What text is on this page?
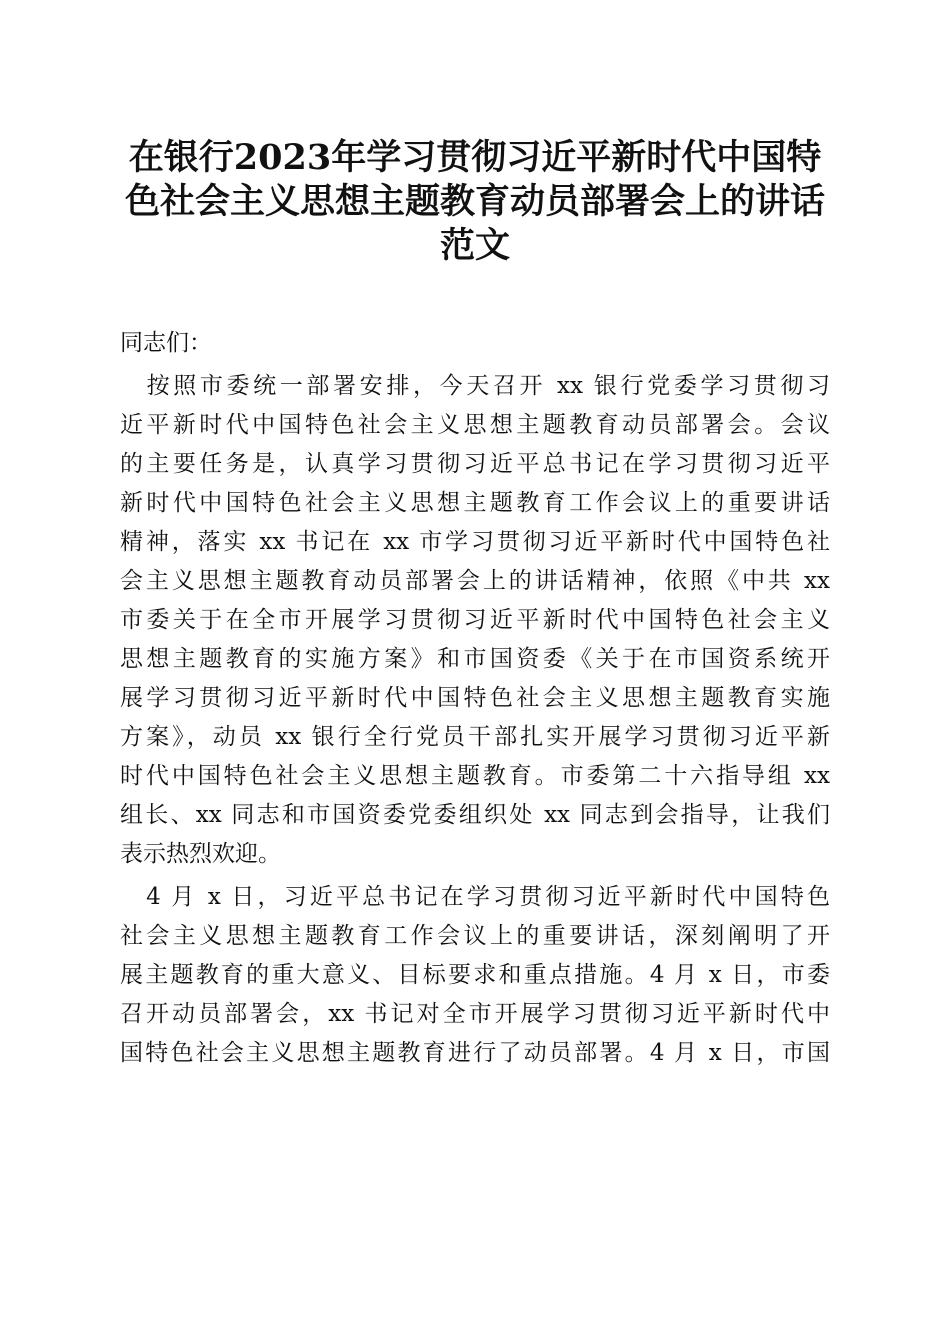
在银行2023年学习贯彻习近平新时代中国特
色社会主义思想主题教育动员部署会上的讲话
范文
同志们：

　按照市委统一部署安排，今天召开 xx 银行党委学习贯彻习
近平新时代中国特色社会主义思想主题教育动员部署会。会议
的主要任务是，认真学习贯彻习近平总书记在学习贯彻习近平
新时代中国特色社会主义思想主题教育工作会议上的重要讲话
精神，落实 xx 书记在 xx 市学习贯彻习近平新时代中国特色社
会主义思想主题教育动员部署会上的讲话精神，依照《中共 xx
市委关于在全市开展学习贯彻习近平新时代中国特色社会主义
思想主题教育的实施方案》和市国资委《关于在市国资系统开
展学习贯彻习近平新时代中国特色社会主义思想主题教育实施
方案》，动员 xx 银行全行党员干部扎实开展学习贯彻习近平新
时代中国特色社会主义思想主题教育。市委第二十六指导组 xx
组长、xx 同志和市国资委党委组织处 xx 同志到会指导，让我们
表示热烈欢迎。

　4 月 x 日，习近平总书记在学习贯彻习近平新时代中国特色
社会主义思想主题教育工作会议上的重要讲话，深刻阐明了开
展主题教育的重大意义、目标要求和重点措施。4 月 x 日，市委
召开动员部署会，xx 书记对全市开展学习贯彻习近平新时代中
国特色社会主义思想主题教育进行了动员部署。4 月 x 日，市国
